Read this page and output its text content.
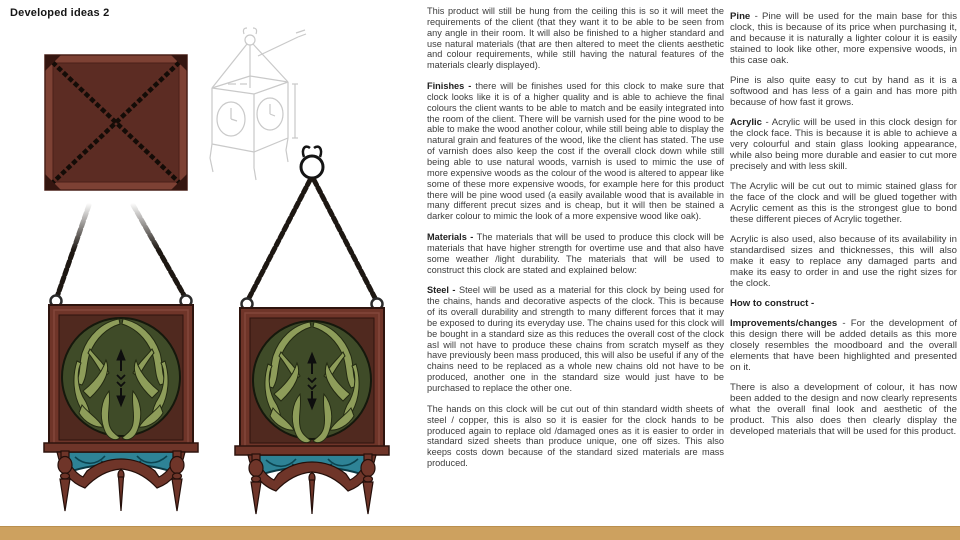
Developed ideas 2	This product will still be hung from the ceiling this is so it will meet the requirements of the client (that they want it to be able to be seen from any angle in their room. It will also be finished to a higher standard and use natural materials (that are then altered to meet the clients aesthetic and colour requirements, while still having the natural features of the materials clearly displayed).

Finishes - there will be finishes used for this clock to make sure that clock looks like it is of a higher quality and is able to achieve the final colours the client wants to be able to match and be easily integrated into the room of the client. There will be varnish used for the pine wood to be able to make the wood another colour, while still being able to display the natural grain and features of the wood, like the client has stated. The use of varnish does also keep the cost if the overall clock down while still being able to use natural woods, varnish is used to mimic the use of more expensive woods as the colour of the wood is altered to appear like some of these more expensive woods, for example here for this product there will be pine wood used (a easily available wood that is available in many different precut sizes and is cheap, but it will then be stained a darker colour to mimic the look of a more expensive wood like oak).

Materials - The materials that will be used to produce this clock will be materials that have higher strength for overtime use and that also have some weather /light durability. The materials that will be used to construct this clock are stated and explained below:

Steel - Steel will be used as a material for this clock by being used for the chains, hands and decorative aspects of the clock. This is because of its overall durability and strength to many different forces that it may be exposed to during its everyday use. The chains used for this clock will be bought in a standard size as this reduces the overall cost of the clock asI will not have to produce these chains from scratch myself as they have previously been mass produced, this will also be useful if any of the chains need to be replaced as a whole new chains old not have to be produced, another one in the standard size would just have to be purchased to replace the other one.

The hands on this clock will be cut out of thin standard width sheets of steel / copper, this is also so it is easier for the clock hands to be produced again to replace old /damaged ones as it is easier to order in standard sized sheets than produce unique, one off sizes. This also keeps costs down because of the standard sized materials are mass produced.

Pine - Pine will be used for the main base for this clock, this is because of its price when purchasing it, and because it is naturally a lighter colour it is easily stained to look like other, more expensive woods, in this case oak.

Pine is also quite easy to cut by hand as it is a softwood and has less of a gain and has more pith because of how fast it grows.

Acrylic - Acrylic will be used in this clock design for the clock face. This is because it is able to achieve a very colourful and stain glass looking appearance, while also being more durable and easier to cut more precisely and with less skill.

The Acrylic will be cut out to mimic stained glass for the face of the clock and will be glued together with Acrylic cement as this is the strongest glue to bond these different pieces of Acrylic together.

Acrylic is also used, also because of its availability in standardised sizes and thicknesses, this will also make it easy to replace any damaged parts and make its easy to order in and use the right sizes for the clock.

How to construct -

Improvements/changes - For the development of this design there will be added details as this more closely resembles the moodboard and the overall elements that have been highlighted and presented on it.

There is also a development of colour, it has now been added to the design and now clearly represents what the overall final look and aesthetic of the product. This also does then clearly display the developed materials that will be used for this product.
